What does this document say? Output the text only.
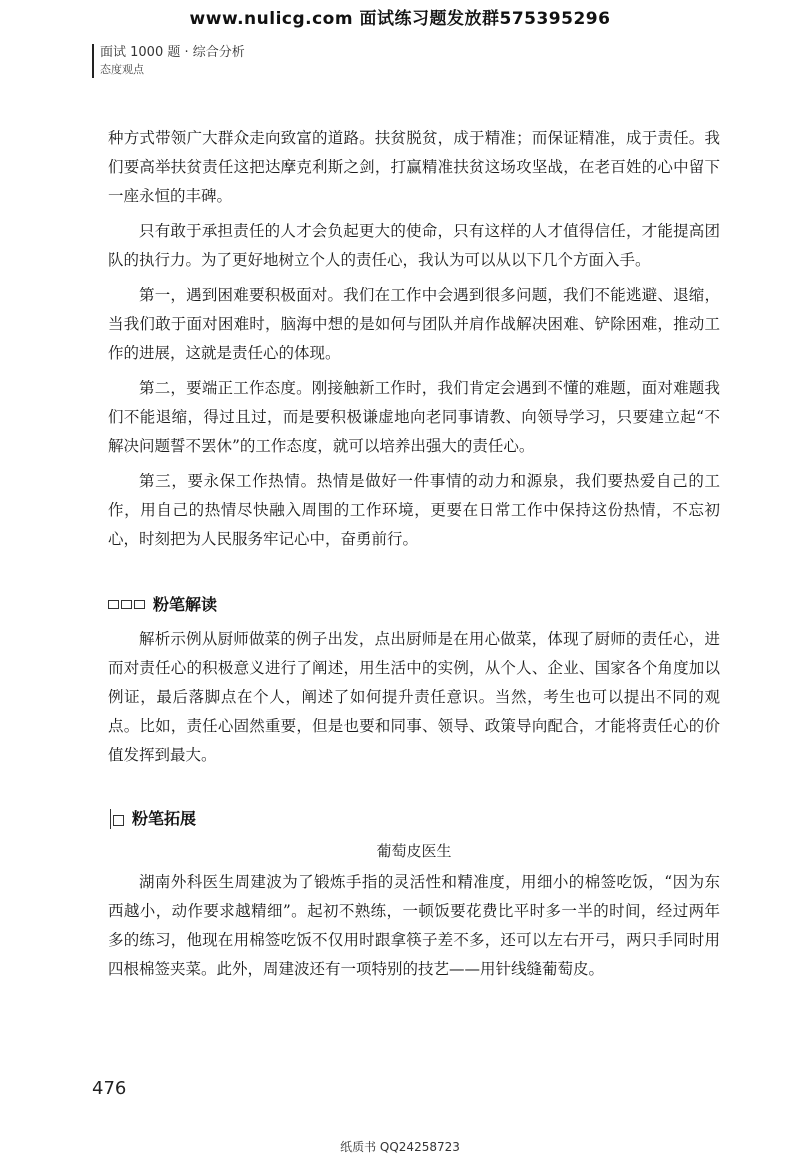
www.nulicg.com 面试练习题发放群575395296
面试 1000 题 · 综合分析
态度观点

种方式带领广大群众走向致富的道路。扶贫脱贫，成于精准；而保证精准，成于责任。我们要高举扶贫责任这把达摩克利斯之剑，打赢精准扶贫这场攻坚战，在老百姓的心中留下一座永恒的丰碑。

只有敢于承担责任的人才会负起更大的使命，只有这样的人才值得信任，才能提高团队的执行力。为了更好地树立个人的责任心，我认为可以从以下几个方面入手。

第一，遇到困难要积极面对。我们在工作中会遇到很多问题，我们不能逃避、退缩，当我们敢于面对困难时，脑海中想的是如何与团队并肩作战解决困难、铲除困难，推动工作的进展，这就是责任心的体现。

第二，要端正工作态度。刚接触新工作时，我们肯定会遇到不懂的难题，面对难题我们不能退缩，得过且过，而是要积极谦虚地向老同事请教、向领导学习，只要建立起“不解决问题誓不罢休”的工作态度，就可以培养出强大的责任心。

第三，要永保工作热情。热情是做好一件事情的动力和源泉，我们要热爱自己的工作，用自己的热情尽快融入周围的工作环境，更要在日常工作中保持这份热情，不忘初心，时刻把为人民服务牢记心中，奋勇前行。

粉笔解读

解析示例从厨师做菜的例子出发，点出厨师是在用心做菜，体现了厨师的责任心，进而对责任心的积极意义进行了阐述，用生活中的实例，从个人、企业、国家各个角度加以例证，最后落脚点在个人，阐述了如何提升责任意识。当然，考生也可以提出不同的观点。比如，责任心固然重要，但是也要和同事、领导、政策导向配合，才能将责任心的价值发挥到最大。

粉笔拓展
葡萄皮医生

湖南外科医生周建波为了锻炼手指的灵活性和精准度，用细小的棉签吃饭，“因为东西越小，动作要求越精细”。起初不熟练，一顿饭要花费比平时多一半的时间，经过两年多的练习，他现在用棉签吃饭不仅用时跟拿筷子差不多，还可以左右开弓，两只手同时用四根棉签夹菜。此外，周建波还有一项特别的技艺——用针线缝葡萄皮。

476
纸质书 QQ24258723
